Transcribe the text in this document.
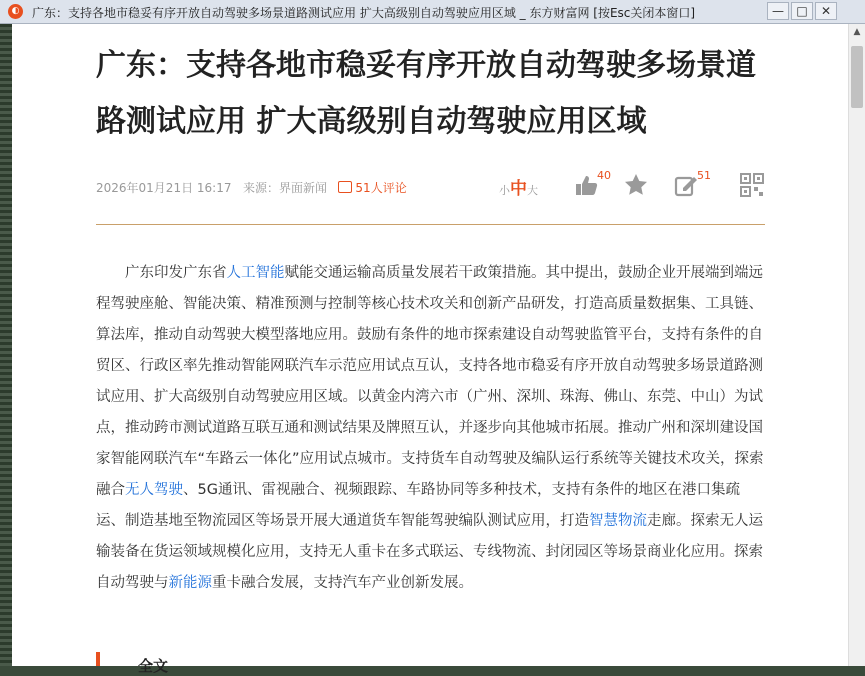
◐ 广东：支持各地市稳妥有序开放自动驾驶多场景道路测试应用 扩大高级别自动驾驶应用区域 _ 东方财富网 [按Esc关闭本窗口]	—	□	✕
广东：支持各地市稳妥有序开放自动驾驶多场景道路测试应用 扩大高级别自动驾驶应用区域
2026年01月21日 16:17 来源：界面新闻 51人评论	小中大
40	51

广东印发广东省人工智能赋能交通运输高质量发展若干政策措施。其中提出，鼓励企业开展端到端远程驾驶座舱、智能决策、精准预测与控制等核心技术攻关和创新产品研发，打造高质量数据集、工具链、算法库，推动自动驾驶大模型落地应用。鼓励有条件的地市探索建设自动驾驶监管平台，支持有条件的自贸区、行政区率先推动智能网联汽车示范应用试点互认，支持各地市稳妥有序开放自动驾驶多场景道路测试应用、扩大高级别自动驾驶应用区域。以黄金内湾六市（广州、深圳、珠海、佛山、东莞、中山）为试点，推动跨市测试道路互联互通和测试结果及牌照互认，并逐步向其他城市拓展。推动广州和深圳建设国家智能网联汽车“车路云一体化”应用试点城市。支持货车自动驾驶及编队运行系统等关键技术攻关，探索融合无人驾驶、5G通讯、雷视融合、视频跟踪、车路协同等多种技术，支持有条件的地区在港口集疏运、制造基地至物流园区等场景开展大通道货车智能驾驶编队测试应用，打造智慧物流走廊。探索无人运输装备在货运领域规模化应用，支持无人重卡在多式联运、专线物流、封闭园区等场景商业化应用。探索自动驾驶与新能源重卡融合发展，支持汽车产业创新发展。

全文
▲
